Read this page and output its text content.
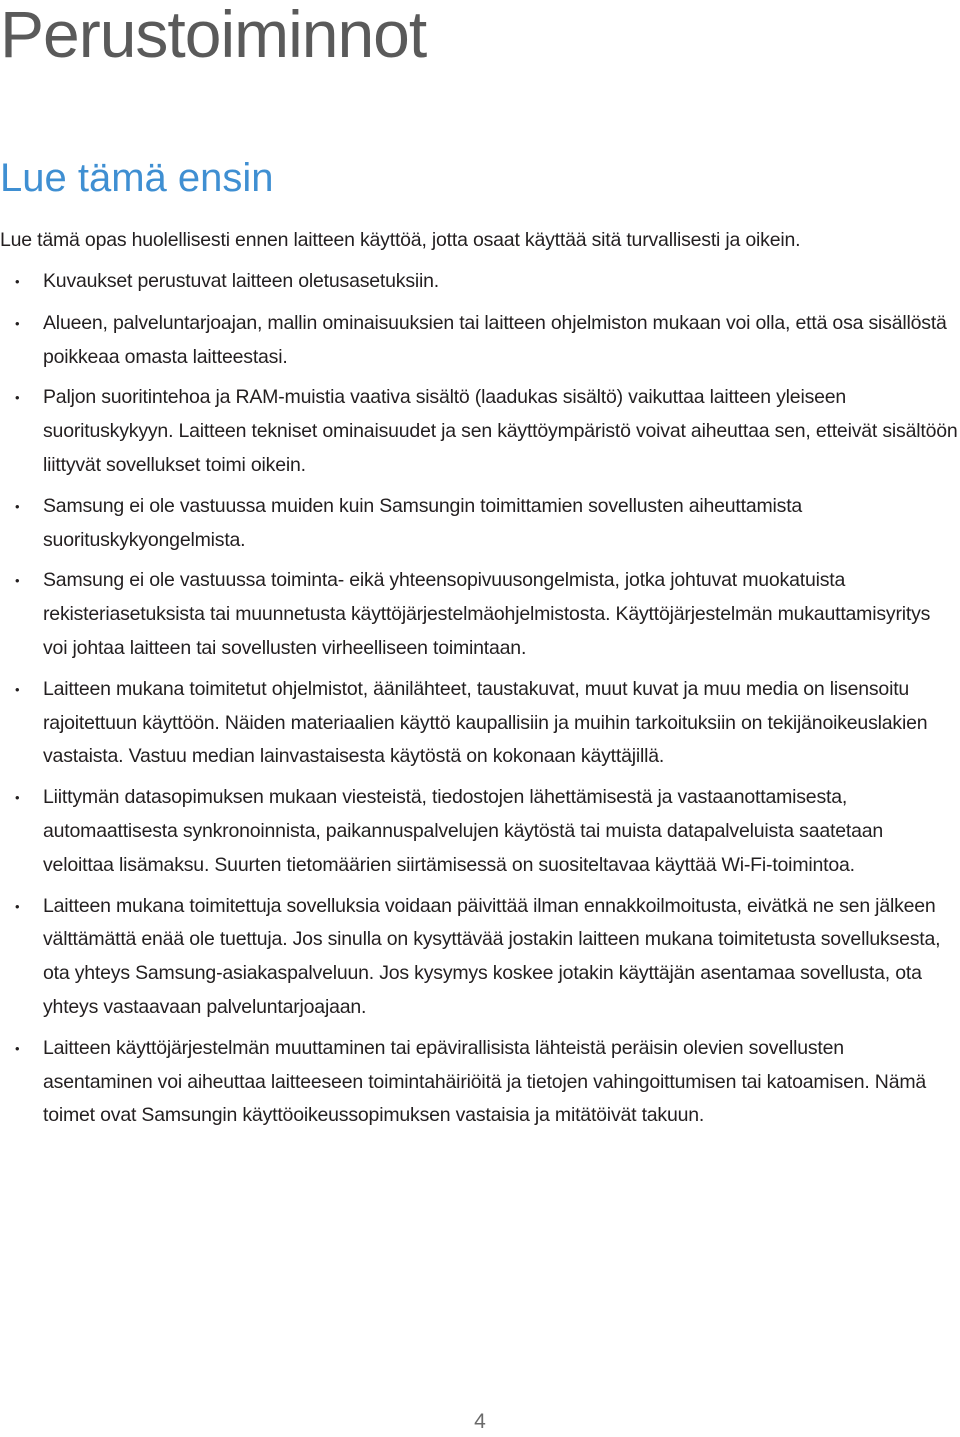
Perustoiminnot
Lue tämä ensin

Lue tämä opas huolellisesti ennen laitteen käyttöä, jotta osaat käyttää sitä turvallisesti ja oikein.

• Kuvaukset perustuvat laitteen oletusasetuksiin.
• Alueen, palveluntarjoajan, mallin ominaisuuksien tai laitteen ohjelmiston mukaan voi olla, että osa sisällöstä poikkeaa omasta laitteestasi.
• Paljon suoritintehoa ja RAM-muistia vaativa sisältö (laadukas sisältö) vaikuttaa laitteen yleiseen suorituskykyyn. Laitteen tekniset ominaisuudet ja sen käyttöympäristö voivat aiheuttaa sen, etteivät sisältöön liittyvät sovellukset toimi oikein.
• Samsung ei ole vastuussa muiden kuin Samsungin toimittamien sovellusten aiheuttamista suorituskykyongelmista.
• Samsung ei ole vastuussa toiminta- eikä yhteensopivuusongelmista, jotka johtuvat muokatuista rekisteriasetuksista tai muunnetusta käyttöjärjestelmäohjelmistosta. Käyttöjärjestelmän mukauttamisyritys voi johtaa laitteen tai sovellusten virheelliseen toimintaan.
• Laitteen mukana toimitetut ohjelmistot, äänilähteet, taustakuvat, muut kuvat ja muu media on lisensoitu rajoitettuun käyttöön. Näiden materiaalien käyttö kaupallisiin ja muihin tarkoituksiin on tekijänoikeuslakien vastaista. Vastuu median lainvastaisesta käytöstä on kokonaan käyttäjillä.
• Liittymän datasopimuksen mukaan viesteistä, tiedostojen lähettämisestä ja vastaanottamisesta, automaattisesta synkronoinnista, paikannuspalvelujen käytöstä tai muista datapalveluista saatetaan veloittaa lisämaksu. Suurten tietomäärien siirtämisessä on suositeltavaa käyttää Wi-Fi-toimintoa.
• Laitteen mukana toimitettuja sovelluksia voidaan päivittää ilman ennakkoilmoitusta, eivätkä ne sen jälkeen välttämättä enää ole tuettuja. Jos sinulla on kysyttävää jostakin laitteen mukana toimitetusta sovelluksesta, ota yhteys Samsung-asiakaspalveluun. Jos kysymys koskee jotakin käyttäjän asentamaa sovellusta, ota yhteys vastaavaan palveluntarjoajaan.
• Laitteen käyttöjärjestelmän muuttaminen tai epävirallisista lähteistä peräisin olevien sovellusten asentaminen voi aiheuttaa laitteeseen toimintahäiriöitä ja tietojen vahingoittumisen tai katoamisen. Nämä toimet ovat Samsungin käyttöoikeussopimuksen vastaisia ja mitätöivät takuun.
4
